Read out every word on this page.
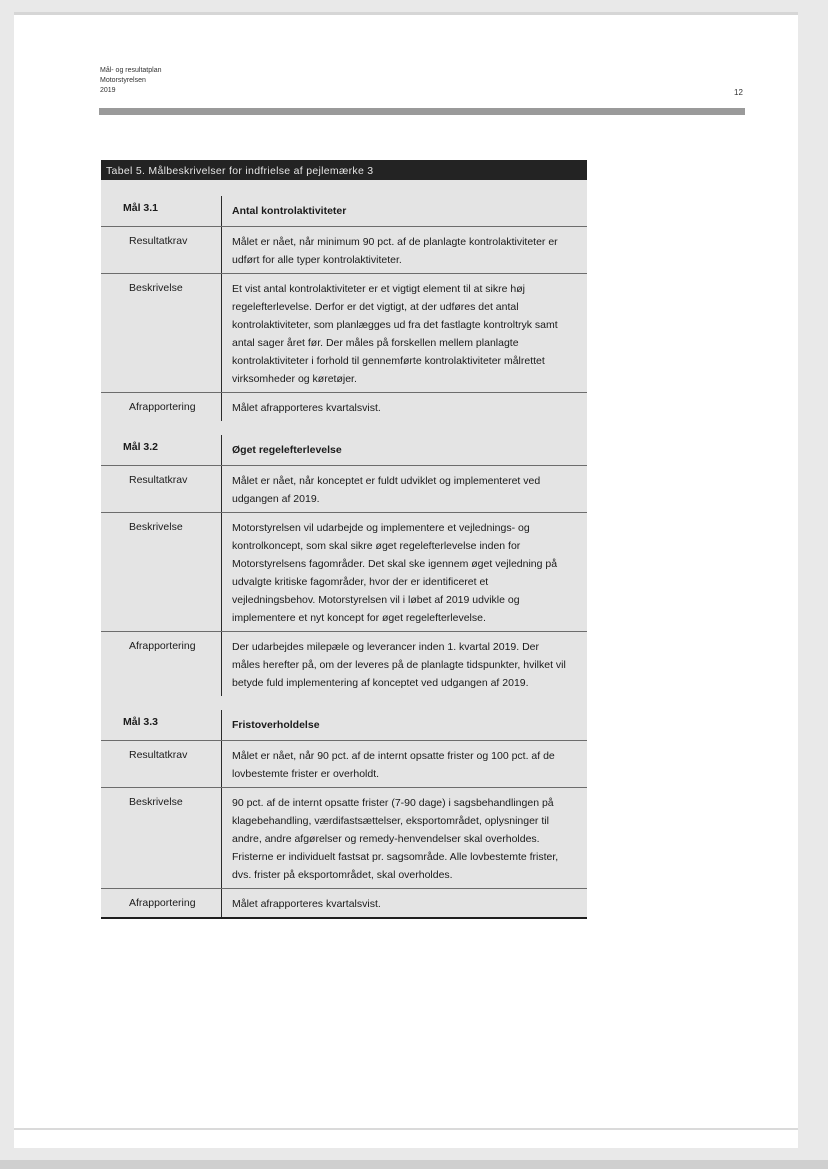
Mål- og resultatplan
Motorstyrelsen
2019	12
Tabel 5. Målbeskrivelser for indfrielse af pejlemærke 3
Mål 3.1	Antal kontrolaktiviteter
Resultatkrav	Målet er nået, når minimum 90 pct. af de planlagte kontrolaktiviteter er udført for alle typer kontrolaktiviteter.
Beskrivelse	Et vist antal kontrolaktiviteter er et vigtigt element til at sikre høj regelefterlevelse. Derfor er det vigtigt, at der udføres det antal kontrolaktiviteter, som planlægges ud fra det fastlagte kontroltryk samt antal sager året før. Der måles på forskellen mellem planlagte kontrolaktiviteter i forhold til gennemførte kontrolaktiviteter målrettet virksomheder og køretøjer.
Afrapportering	Målet afrapporteres kvartalsvist.
Mål 3.2	Øget regelefterlevelse
Resultatkrav	Målet er nået, når konceptet er fuldt udviklet og implementeret ved udgangen af 2019.
Beskrivelse	Motorstyrelsen vil udarbejde og implementere et vejlednings- og kontrolkoncept, som skal sikre øget regelefterlevelse inden for Motorstyrelsens fagområder. Det skal ske igennem øget vejledning på udvalgte kritiske fagområder, hvor der er identificeret et vejledningsbehov. Motorstyrelsen vil i løbet af 2019 udvikle og implementere et nyt koncept for øget regelefterlevelse.
Afrapportering	Der udarbejdes milepæle og leverancer inden 1. kvartal 2019. Der måles herefter på, om der leveres på de planlagte tidspunkter, hvilket vil betyde fuld implementering af konceptet ved udgangen af 2019.
Mål 3.3	Fristoverholdelse
Resultatkrav	Målet er nået, når 90 pct. af de internt opsatte frister og 100 pct. af de lovbestemte frister er overholdt.
Beskrivelse	90 pct. af de internt opsatte frister (7-90 dage) i sagsbehandlingen på klagebehandling, værdifastsættelser, eksportområdet, oplysninger til andre, andre afgørelser og remedy-henvendelser skal overholdes. Fristerne er individuelt fastsat pr. sagsområde. Alle lovbestemte frister, dvs. frister på eksportområdet, skal overholdes.
Afrapportering	Målet afrapporteres kvartalsvist.
